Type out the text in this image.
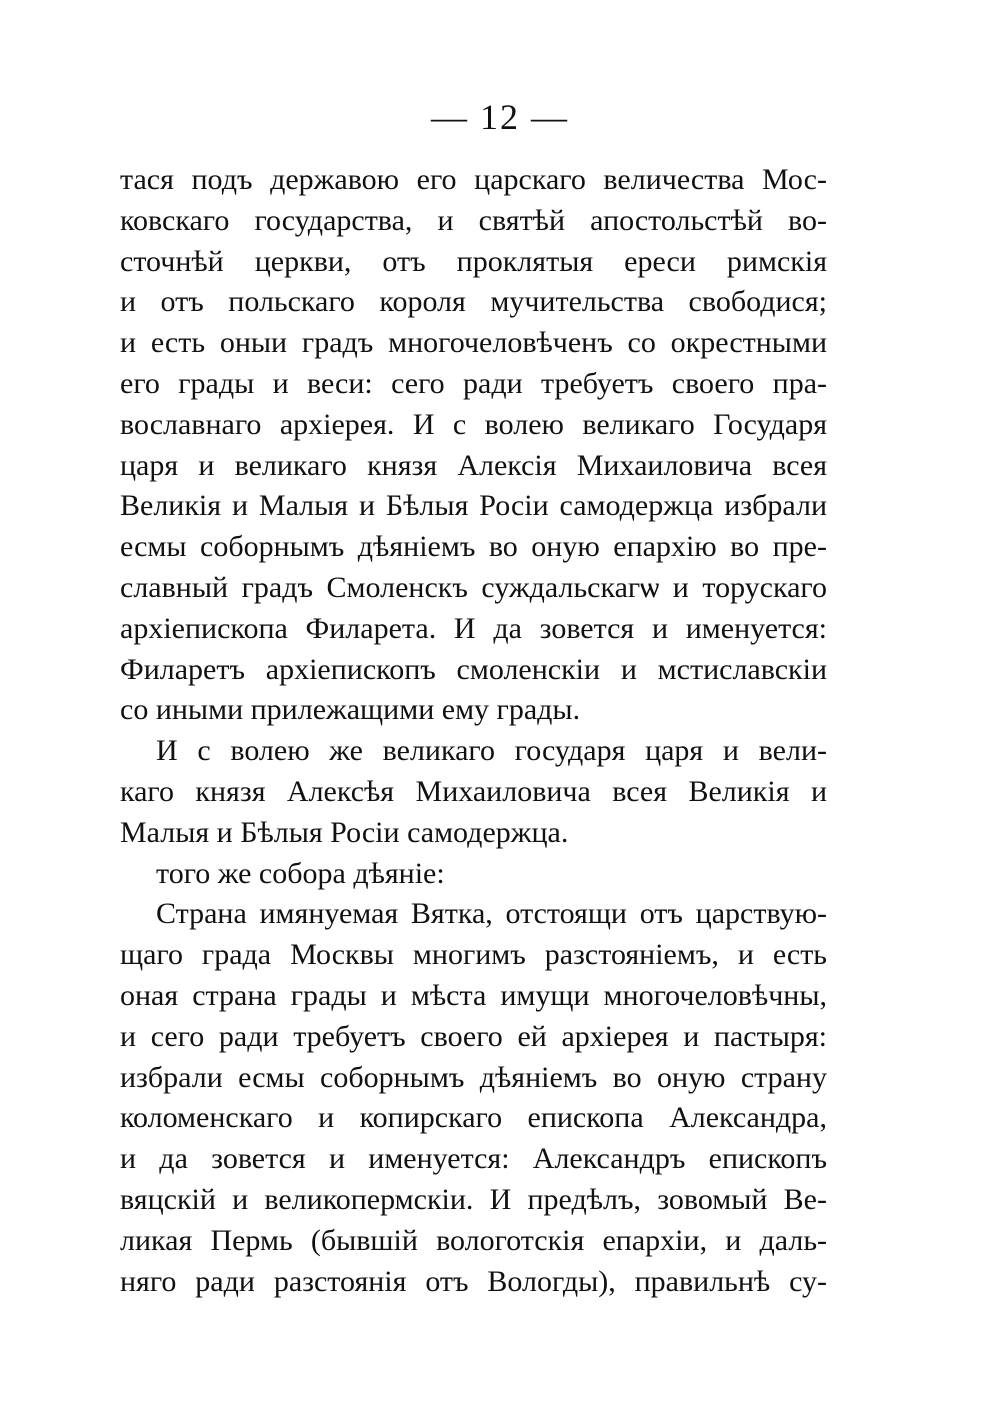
— 12 —
тася подъ державою его царскаго величества Мос-
ковскаго государства, и святѣй апостольстѣй во-
сточнѣй церкви, отъ проклятыя ереси римскія
и отъ польскаго короля мучительства свободися;
и есть оныи градъ многочеловѣченъ со окрестными
его грады и веси: сего ради требуетъ своего пра-
вославнаго архіерея. И с волею великаго Государя
царя и великаго князя Алексія Михаиловича всея
Великія и Малыя и Бѣлыя Росіи самодержца избрали
есмы соборнымъ дѣяніемъ во оную епархію во пре-
славный градъ Смоленскъ суждальскагѡ и торускаго
архіепископа Филарета. И да зовется и именуется:
Филаретъ архіепископъ смоленскіи и мстиславскіи
со иными прилежащими ему грады.
И с волею же великаго государя царя и вели-
каго князя Алексѣя Михаиловича всея Великія и
Малыя и Бѣлыя Росіи самодержца.
того же собора дѣяніе:
Страна имянуемая Вятка, отстоящи отъ царствую-
щаго града Москвы многимъ разстояніемъ, и есть
оная страна грады и мѣста имущи многочеловѣчны,
и сего ради требуетъ своего ей архіерея и пастыря:
избрали есмы соборнымъ дѣяніемъ во оную страну
коломенскаго и копирскаго епископа Александра,
и да зовется и именуется: Александръ епископъ
вяцскій и великопермскіи. И предѣлъ, зовомый Ве-
ликая Пермь (бывшій вологотскія епархіи, и даль-
няго ради разстоянія отъ Вологды), правильнѣ су-
